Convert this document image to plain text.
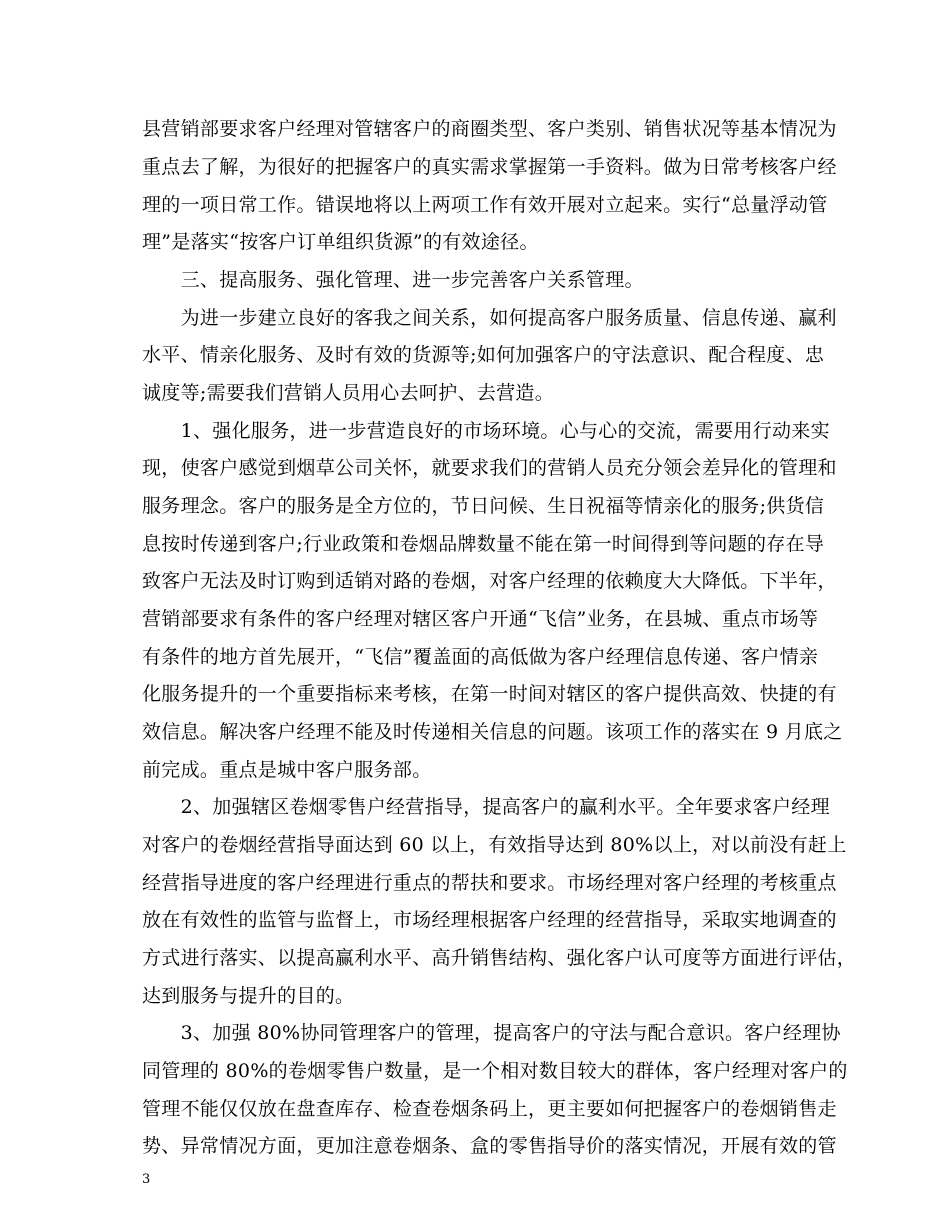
县营销部要求客户经理对管辖客户的商圈类型、客户类别、销售状况等基本情况为
重点去了解，为很好的把握客户的真实需求掌握第一手资料。做为日常考核客户经
理的一项日常工作。错误地将以上两项工作有效开展对立起来。实行“总量浮动管
理”是落实“按客户订单组织货源”的有效途径。
　　三、提高服务、强化管理、进一步完善客户关系管理。
　　为进一步建立良好的客我之间关系，如何提高客户服务质量、信息传递、赢利
水平、情亲化服务、及时有效的货源等;如何加强客户的守法意识、配合程度、忠
诚度等;需要我们营销人员用心去呵护、去营造。
　　1、强化服务，进一步营造良好的市场环境。心与心的交流，需要用行动来实
现，使客户感觉到烟草公司关怀，就要求我们的营销人员充分领会差异化的管理和
服务理念。客户的服务是全方位的，节日问候、生日祝福等情亲化的服务;供货信
息按时传递到客户;行业政策和卷烟品牌数量不能在第一时间得到等问题的存在导
致客户无法及时订购到适销对路的卷烟，对客户经理的依赖度大大降低。下半年，
营销部要求有条件的客户经理对辖区客户开通“飞信”业务，在县城、重点市场等
有条件的地方首先展开，“飞信”覆盖面的高低做为客户经理信息传递、客户情亲
化服务提升的一个重要指标来考核，在第一时间对辖区的客户提供高效、快捷的有
效信息。解决客户经理不能及时传递相关信息的问题。该项工作的落实在 9 月底之
前完成。重点是城中客户服务部。
　　2、加强辖区卷烟零售户经营指导，提高客户的赢利水平。全年要求客户经理
对客户的卷烟经营指导面达到 60 以上，有效指导达到 80%以上，对以前没有赶上
经营指导进度的客户经理进行重点的帮扶和要求。市场经理对客户经理的考核重点
放在有效性的监管与监督上，市场经理根据客户经理的经营指导，采取实地调查的
方式进行落实、以提高赢利水平、高升销售结构、强化客户认可度等方面进行评估，
达到服务与提升的目的。
　　3、加强 80%协同管理客户的管理，提高客户的守法与配合意识。客户经理协
同管理的 80%的卷烟零售户数量，是一个相对数目较大的群体，客户经理对客户的
管理不能仅仅放在盘查库存、检查卷烟条码上，更主要如何把握客户的卷烟销售走
势、异常情况方面，更加注意卷烟条、盒的零售指导价的落实情况，开展有效的管
3
